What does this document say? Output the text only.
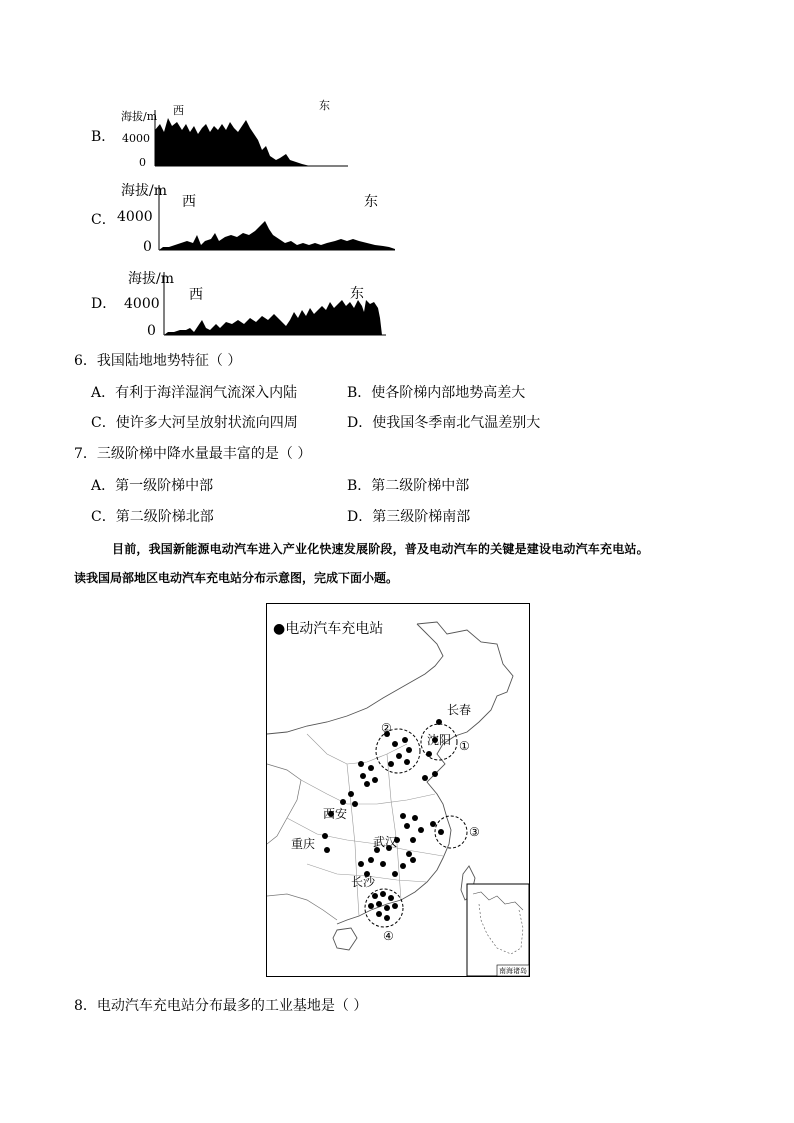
B．
海拔/m
4000
0
西	东
C．
海拔/m
4000
0
西	东
D．
海拔/m
4000
0
西	东
6．我国陆地地势特征（ ）
A．有利于海洋湿润气流深入内陆	B．使各阶梯内部地势高差大
C．使许多大河呈放射状流向四周	D．使我国冬季南北气温差别大
7．三级阶梯中降水量最丰富的是（ ）
A．第一级阶梯中部	B．第二级阶梯中部
C．第二级阶梯北部	D．第三级阶梯南部
目前，我国新能源电动汽车进入产业化快速发展阶段，普及电动汽车的关键是建设电动汽车充电站。
读我国局部地区电动汽车充电站分布示意图，完成下面小题。
●电动汽车充电站
长春
沈阳
西安
武汉
重庆
长沙
①
②
③
④
南海诸岛
8．电动汽车充电站分布最多的工业基地是（ ）
